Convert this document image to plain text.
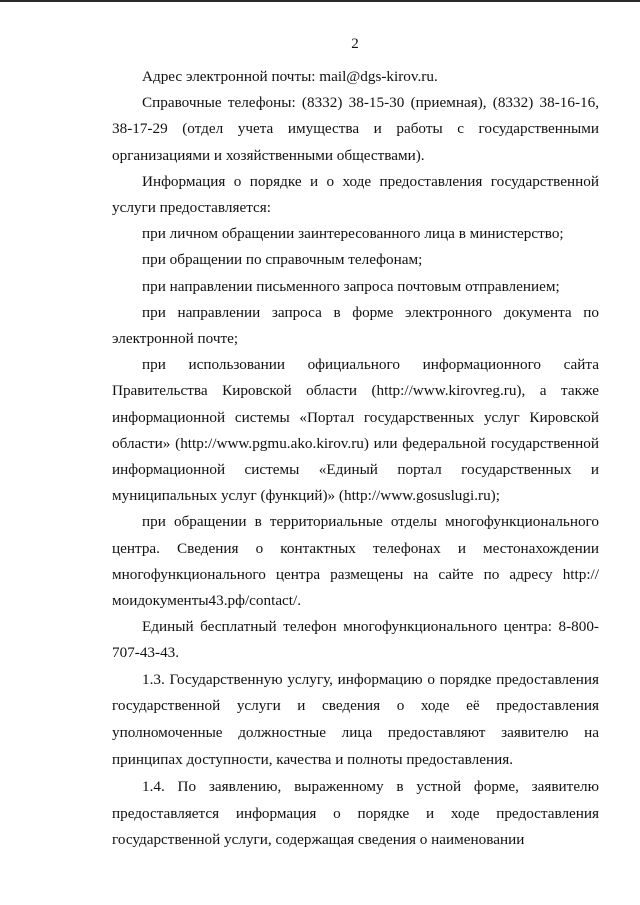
2

Адрес электронной почты: mail@dgs-kirov.ru.

Справочные телефоны: (8332) 38-15-30 (приемная), (8332) 38-16-16, 38-17-29 (отдел учета имущества и работы с государственными организациями и хозяйственными обществами).

Информация о порядке и о ходе предоставления государственной услуги предоставляется:

при личном обращении заинтересованного лица в министерство;

при обращении по справочным телефонам;

при направлении письменного запроса почтовым отправлением;

при направлении запроса в форме электронного документа по электронной почте;

при использовании официального информационного сайта Правительства Кировской области (http://www.kirovreg.ru), а также информационной системы «Портал государственных услуг Кировской области» (http://www.pgmu.ako.kirov.ru) или федеральной государственной информационной системы «Единый портал государственных и муниципальных услуг (функций)» (http://www.gosuslugi.ru);

при обращении в территориальные отделы многофункционального центра. Сведения о контактных телефонах и местонахождении многофункционального центра размещены на сайте по адресу http://моидокументы43.рф/contact/.

Единый бесплатный телефон многофункционального центра: 8-800-707-43-43.

1.3. Государственную услугу, информацию о порядке предоставления государственной услуги и сведения о ходе её предоставления уполномоченные должностные лица предоставляют заявителю на принципах доступности, качества и полноты предоставления.

1.4. По заявлению, выраженному в устной форме, заявителю предоставляется информация о порядке и ходе предоставления государственной услуги, содержащая сведения о наименовании
